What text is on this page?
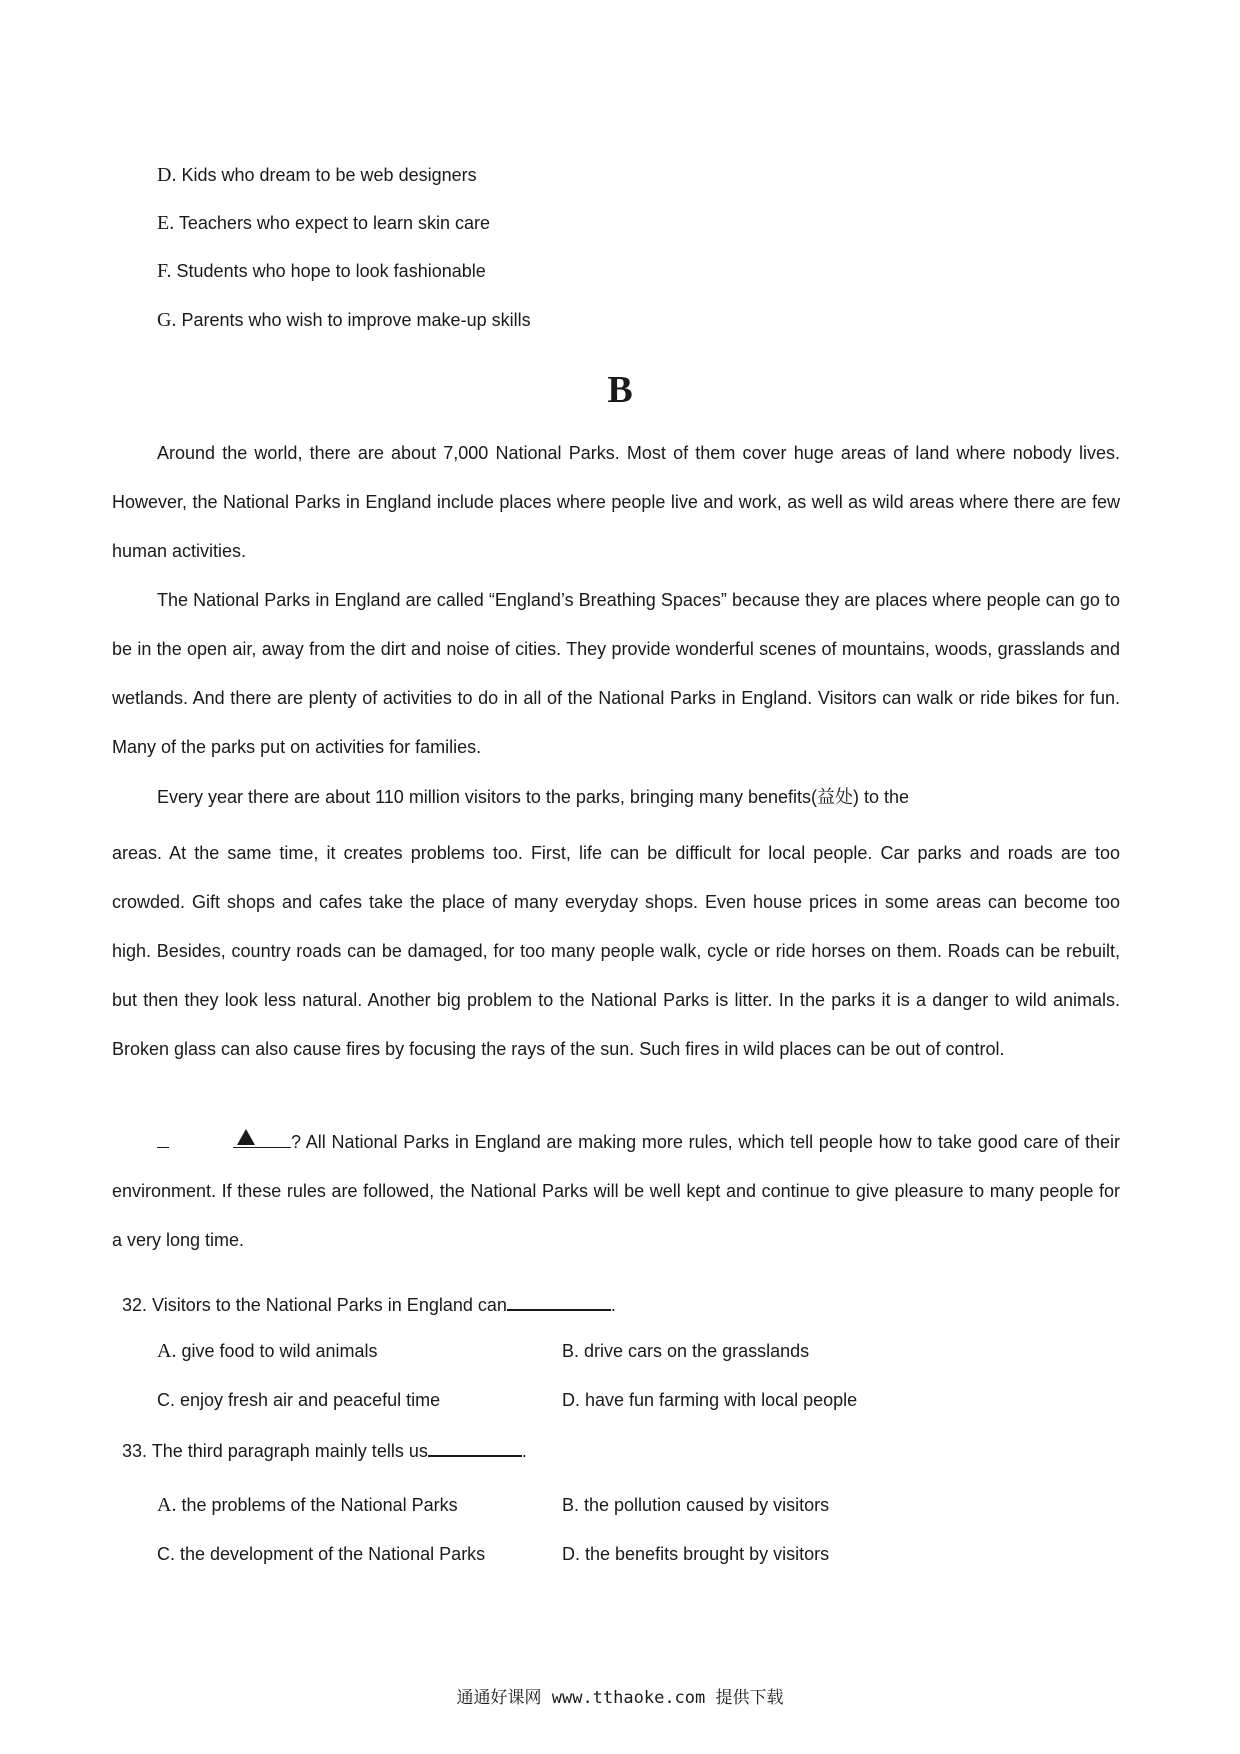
D. Kids who dream to be web designers
E. Teachers who expect to learn skin care
F. Students who hope to look fashionable
G. Parents who wish to improve make-up skills
B

Around the world, there are about 7,000 National Parks. Most of them cover huge areas of land where nobody lives. However, the National Parks in England include places where people live and work, as well as wild areas where there are few human activities.

The National Parks in England are called “England’s Breathing Spaces” because they are places where people can go to be in the open air, away from the dirt and noise of cities. They provide wonderful scenes of mountains, woods, grasslands and wetlands. And there are plenty of activities to do in all of the National Parks in England. Visitors can walk or ride bikes for fun. Many of the parks put on activities for families.

Every year there are about 110 million visitors to the parks, bringing many benefits(益处) to the

areas. At the same time, it creates problems too. First, life can be difficult for local people. Car parks and roads are too crowded. Gift shops and cafes take the place of many everyday shops. Even house prices in some areas can become too high. Besides, country roads can be damaged, for too many people walk, cycle or ride horses on them. Roads can be rebuilt, but then they look less natural. Another big problem to the National Parks is litter. In the parks it is a danger to wild animals. Broken glass can also cause fires by focusing the rays of the sun. Such fires in wild places can be out of control.

? All National Parks in England are making more rules, which tell people how to take good care of their environment. If these rules are followed, the National Parks will be well kept and continue to give pleasure to many people for a very long time.

32. Visitors to the National Parks in England can	.
A. give food to wild animals	B. drive cars on the grasslands
C. enjoy fresh air and peaceful time	D. have fun farming with local people
33. The third paragraph mainly tells us	.
A. the problems of the National Parks	B. the pollution caused by visitors
C. the development of the National Parks	D. the benefits brought by visitors
通通好课网 www.tthaoke.com 提供下载
